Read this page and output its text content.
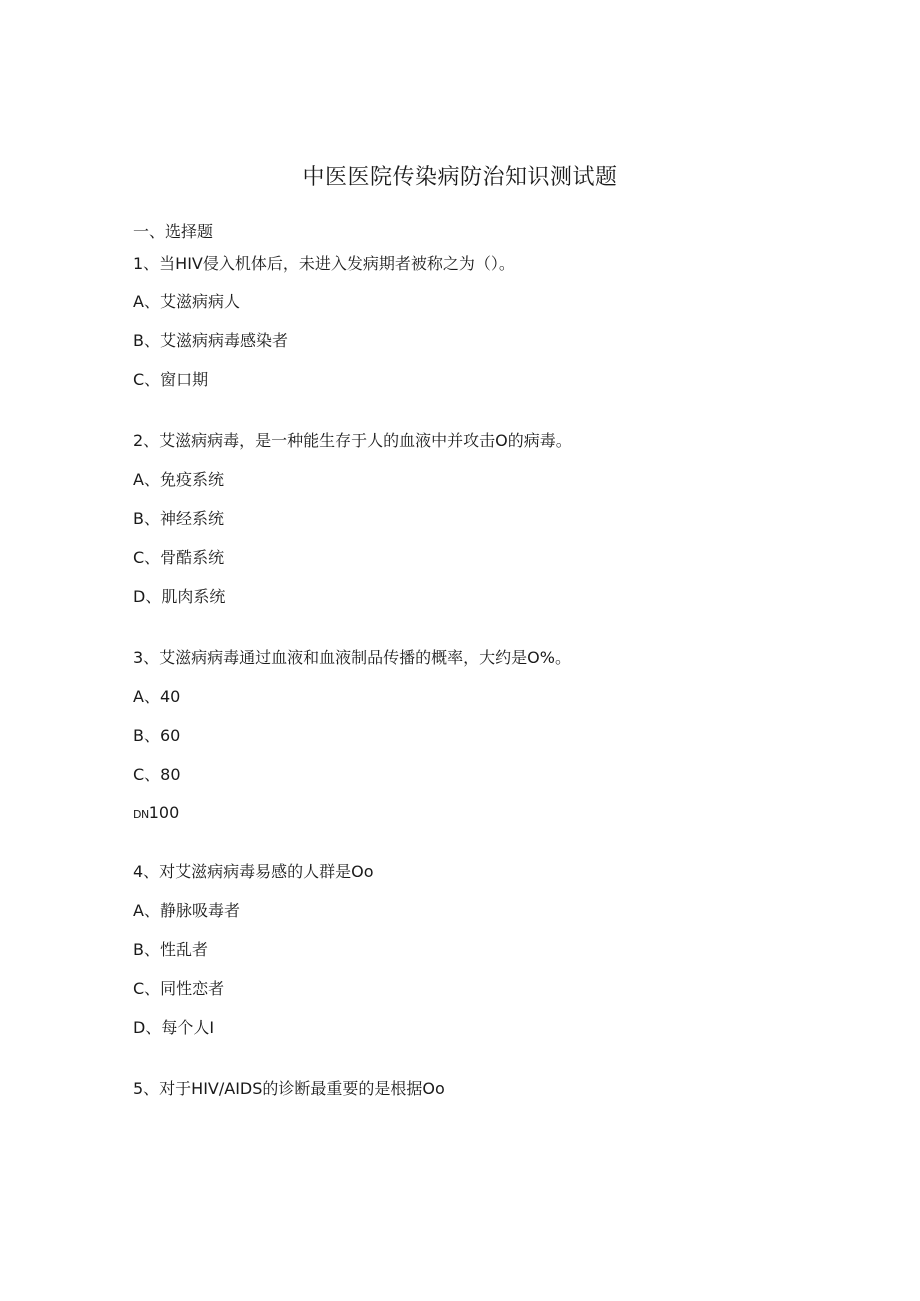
中医医院传染病防治知识测试题
一、选择题
1、当HIV侵入机体后，未进入发病期者被称之为（）。
A、艾滋病病人
B、艾滋病病毒感染者
C、窗口期
2、艾滋病病毒，是一种能生存于人的血液中并攻击O的病毒。
A、免疫系统
B、神经系统
C、骨酷系统
D、肌肉系统
3、艾滋病病毒通过血液和血液制品传播的概率，大约是O%。
A、40
B、60
C、80
DN100
4、对艾滋病病毒易感的人群是Oo
A、静脉吸毒者
B、性乱者
C、同性恋者
D、每个人I
5、对于HIV/AIDS的诊断最重要的是根据Oo
